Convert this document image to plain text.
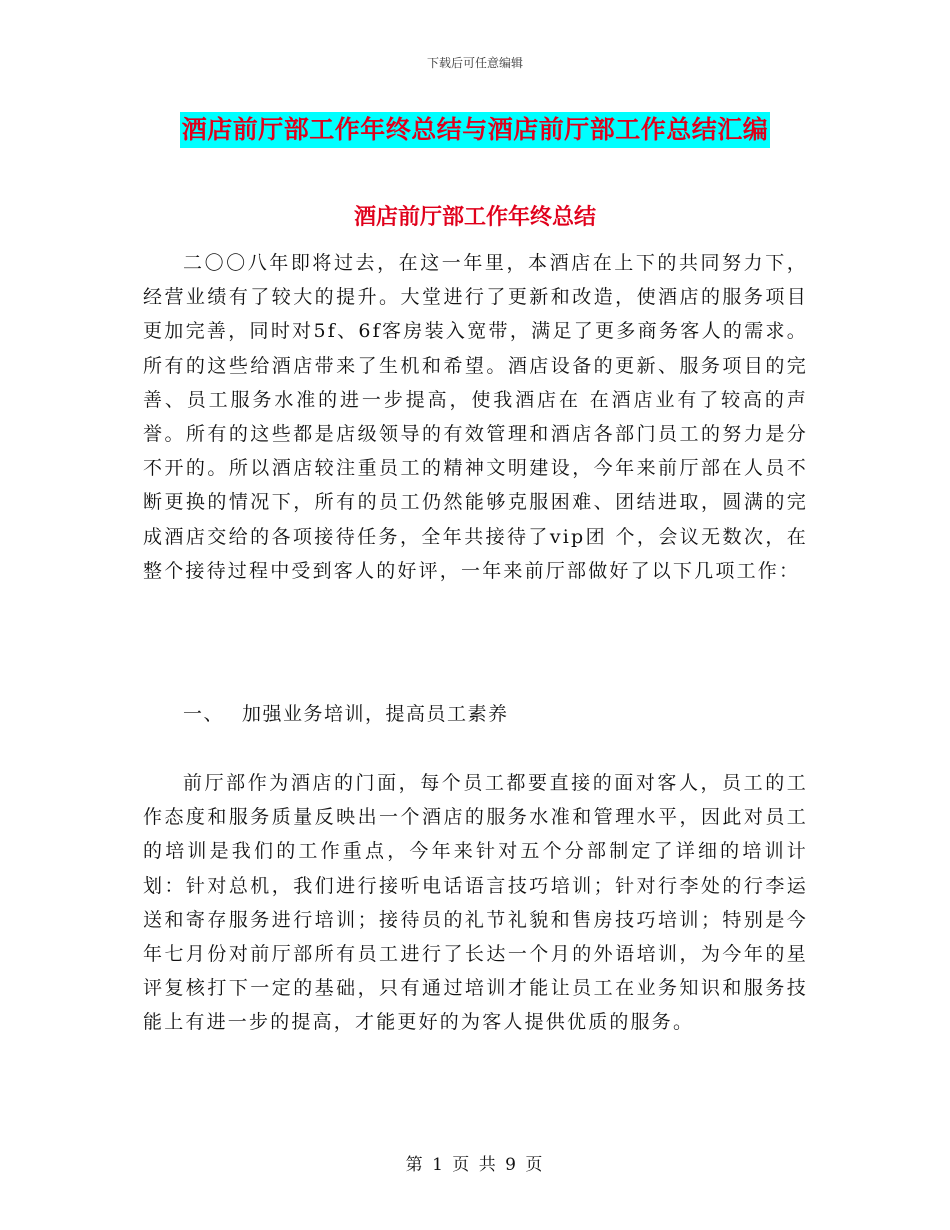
下载后可任意编辑
酒店前厅部工作年终总结与酒店前厅部工作总结汇编
酒店前厅部工作年终总结

二〇〇八年即将过去，在这一年里，本酒店在上下的共同努力下，经营业绩有了较大的提升。大堂进行了更新和改造，使酒店的服务项目更加完善，同时对5f、6f客房装入宽带，满足了更多商务客人的需求。所有的这些给酒店带来了生机和希望。酒店设备的更新、服务项目的完善、员工服务水准的进一步提高，使我酒店在 在酒店业有了较高的声誉。所有的这些都是店级领导的有效管理和酒店各部门员工的努力是分不开的。所以酒店较注重员工的精神文明建设，今年来前厅部在人员不断更换的情况下，所有的员工仍然能够克服困难、团结进取，圆满的完成酒店交给的各项接待任务，全年共接待了vip团 个，会议无数次，在整个接待过程中受到客人的好评，一年来前厅部做好了以下几项工作：

一、 加强业务培训，提高员工素养

前厅部作为酒店的门面，每个员工都要直接的面对客人，员工的工作态度和服务质量反映出一个酒店的服务水准和管理水平，因此对员工的培训是我们的工作重点，今年来针对五个分部制定了详细的培训计划：针对总机，我们进行接听电话语言技巧培训；针对行李处的行李运送和寄存服务进行培训；接待员的礼节礼貌和售房技巧培训；特别是今年七月份对前厅部所有员工进行了长达一个月的外语培训，为今年的星评复核打下一定的基础，只有通过培训才能让员工在业务知识和服务技能上有进一步的提高，才能更好的为客人提供优质的服务。

第 1 页 共 9 页
